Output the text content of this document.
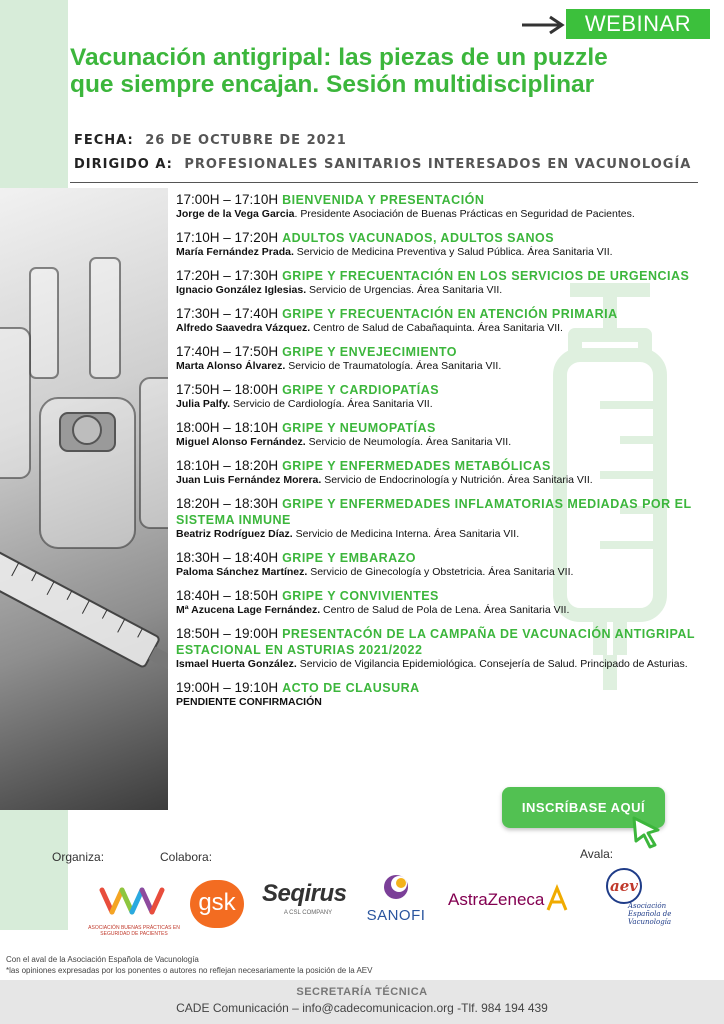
WEBINAR
Vacunación antigripal: las piezas de un puzzle que siempre encajan. Sesión multidisciplinar
FECHA: 26 DE OCTUBRE DE 2021
DIRIGIDO A: PROFESIONALES SANITARIOS INTERESADOS EN VACUNOLOGÍA
17:00H – 17:10H BIENVENIDA Y PRESENTACIÓN
Jorge de la Vega Garcia. Presidente Asociación de Buenas Prácticas en Seguridad de Pacientes.
17:10H – 17:20H ADULTOS VACUNADOS, ADULTOS SANOS
María Fernández Prada. Servicio de Medicina Preventiva y Salud Pública. Área Sanitaria VII.
17:20H – 17:30H GRIPE Y FRECUENTACIÓN EN LOS SERVICIOS DE URGENCIAS
Ignacio González Iglesias. Servicio de Urgencias. Área Sanitaria VII.
17:30H – 17:40H GRIPE Y FRECUENTACIÓN EN ATENCIÓN PRIMARIA
Alfredo Saavedra Vázquez. Centro de Salud de Cabañaquinta. Área Sanitaria VII.
17:40H – 17:50H GRIPE Y ENVEJECIMIENTO
Marta Alonso Álvarez. Servicio de Traumatología. Área Sanitaria VII.
17:50H – 18:00H GRIPE Y CARDIOPATÍAS
Julia Palfy. Servicio de Cardiología. Área Sanitaria VII.
18:00H – 18:10H GRIPE Y NEUMOPATÍAS
Miguel Alonso Fernández. Servicio de Neumología. Área Sanitaria VII.
18:10H – 18:20H GRIPE Y ENFERMEDADES METABÓLICAS
Juan Luis Fernández Morera. Servicio de Endocrinología y Nutrición. Área Sanitaria VII.
18:20H – 18:30H GRIPE Y ENFERMEDADES INFLAMATORIAS MEDIADAS POR EL SISTEMA INMUNE
Beatriz Rodríguez Díaz. Servicio de Medicina Interna. Área Sanitaria VII.
18:30H – 18:40H GRIPE Y EMBARAZO
Paloma Sánchez Martínez. Servicio de Ginecología y Obstetricia. Área Sanitaria VII.
18:40H – 18:50H GRIPE Y CONVIVIENTES
Mª Azucena Lage Fernández. Centro de Salud de Pola de Lena. Área Sanitaria VII.
18:50H – 19:00H PRESENTACÓN DE LA CAMPAÑA DE VACUNACIÓN ANTIGRIPAL ESTACIONAL EN ASTURIAS 2021/2022
Ismael Huerta González. Servicio de Vigilancia Epidemiológica. Consejería de Salud. Principado de Asturias.
19:00H – 19:10H ACTO DE CLAUSURA
PENDIENTE CONFIRMACIÓN
INSCRÍBASE AQUÍ
Organiza:	Colabora:	Avala:
ASOCIACIÓN BUENAS PRÁCTICAS EN SEGURIDAD DE PACIENTES
gsk	Seqirus
A CSL COMPANY	SANOFI
AstraZeneca
aev
Asociación Española de Vacunología
Con el aval de la Asociación Española de Vacunología
*las opiniones expresadas por los ponentes o autores no reflejan necesariamente la posición de la AEV
SECRETARÍA TÉCNICA
CADE Comunicación – info@cadecomunicacion.org -Tlf. 984 194 439
